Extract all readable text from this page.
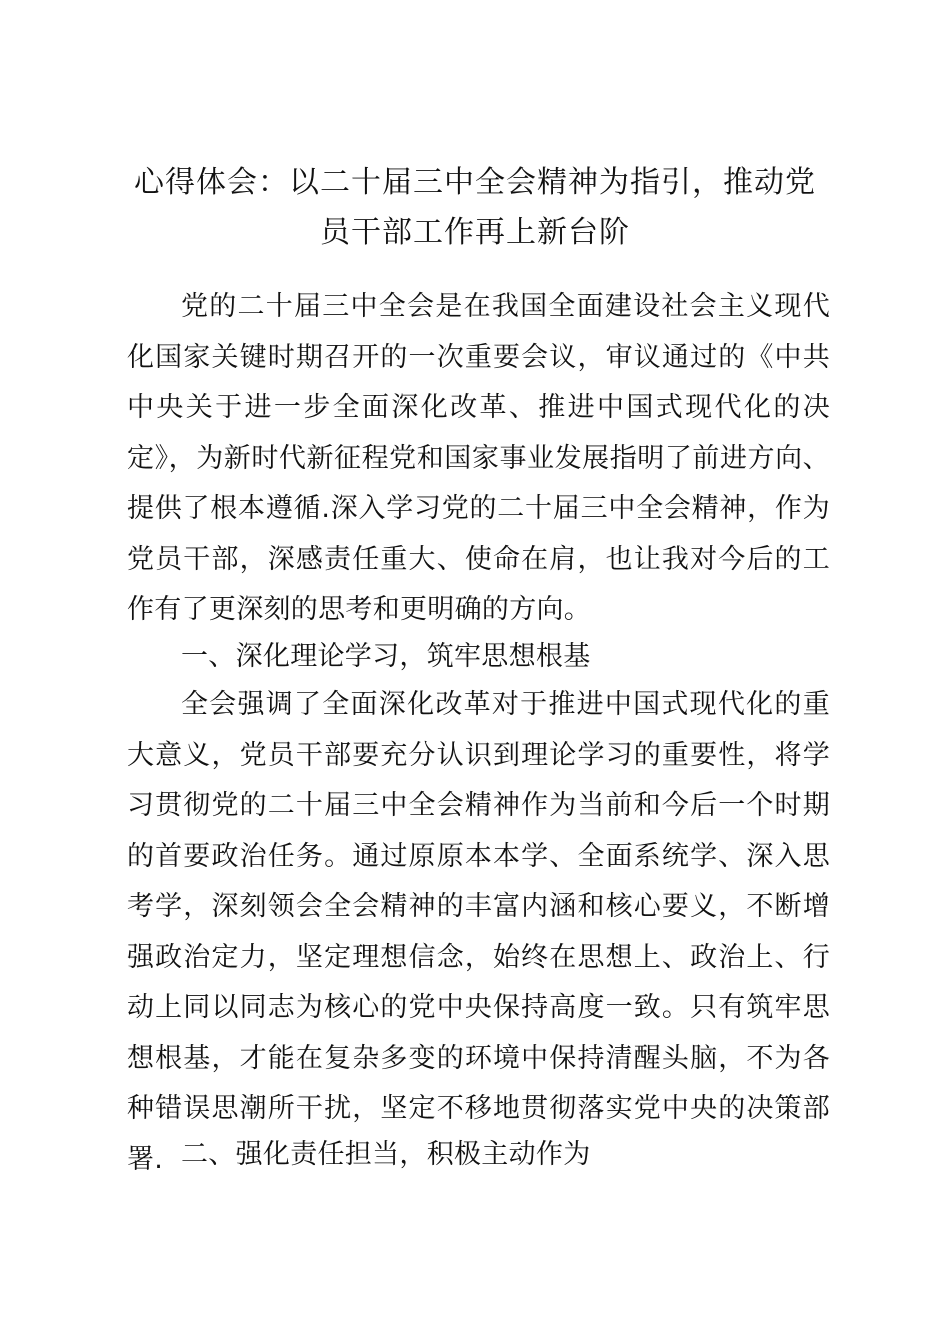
心得体会：以二十届三中全会精神为指引，推动党员干部工作再上新台阶
党的二十届三中全会是在我国全面建设社会主义现代化国家关键时期召开的一次重要会议，审议通过的《中共中央关于进一步全面深化改革、推进中国式现代化的决定》，为新时代新征程党和国家事业发展指明了前进方向、提供了根本遵循.深入学习党的二十届三中全会精神，作为党员干部，深感责任重大、使命在肩，也让我对今后的工作有了更深刻的思考和更明确的方向。
一、深化理论学习，筑牢思想根基
全会强调了全面深化改革对于推进中国式现代化的重大意义，党员干部要充分认识到理论学习的重要性，将学习贯彻党的二十届三中全会精神作为当前和今后一个时期的首要政治任务。通过原原本本学、全面系统学、深入思考学，深刻领会全会精神的丰富内涵和核心要义，不断增强政治定力，坚定理想信念，始终在思想上、政治上、行动上同以同志为核心的党中央保持高度一致。只有筑牢思想根基，才能在复杂多变的环境中保持清醒头脑，不为各种错误思潮所干扰，坚定不移地贯彻落实党中央的决策部署. 二、强化责任担当，积极主动作为
